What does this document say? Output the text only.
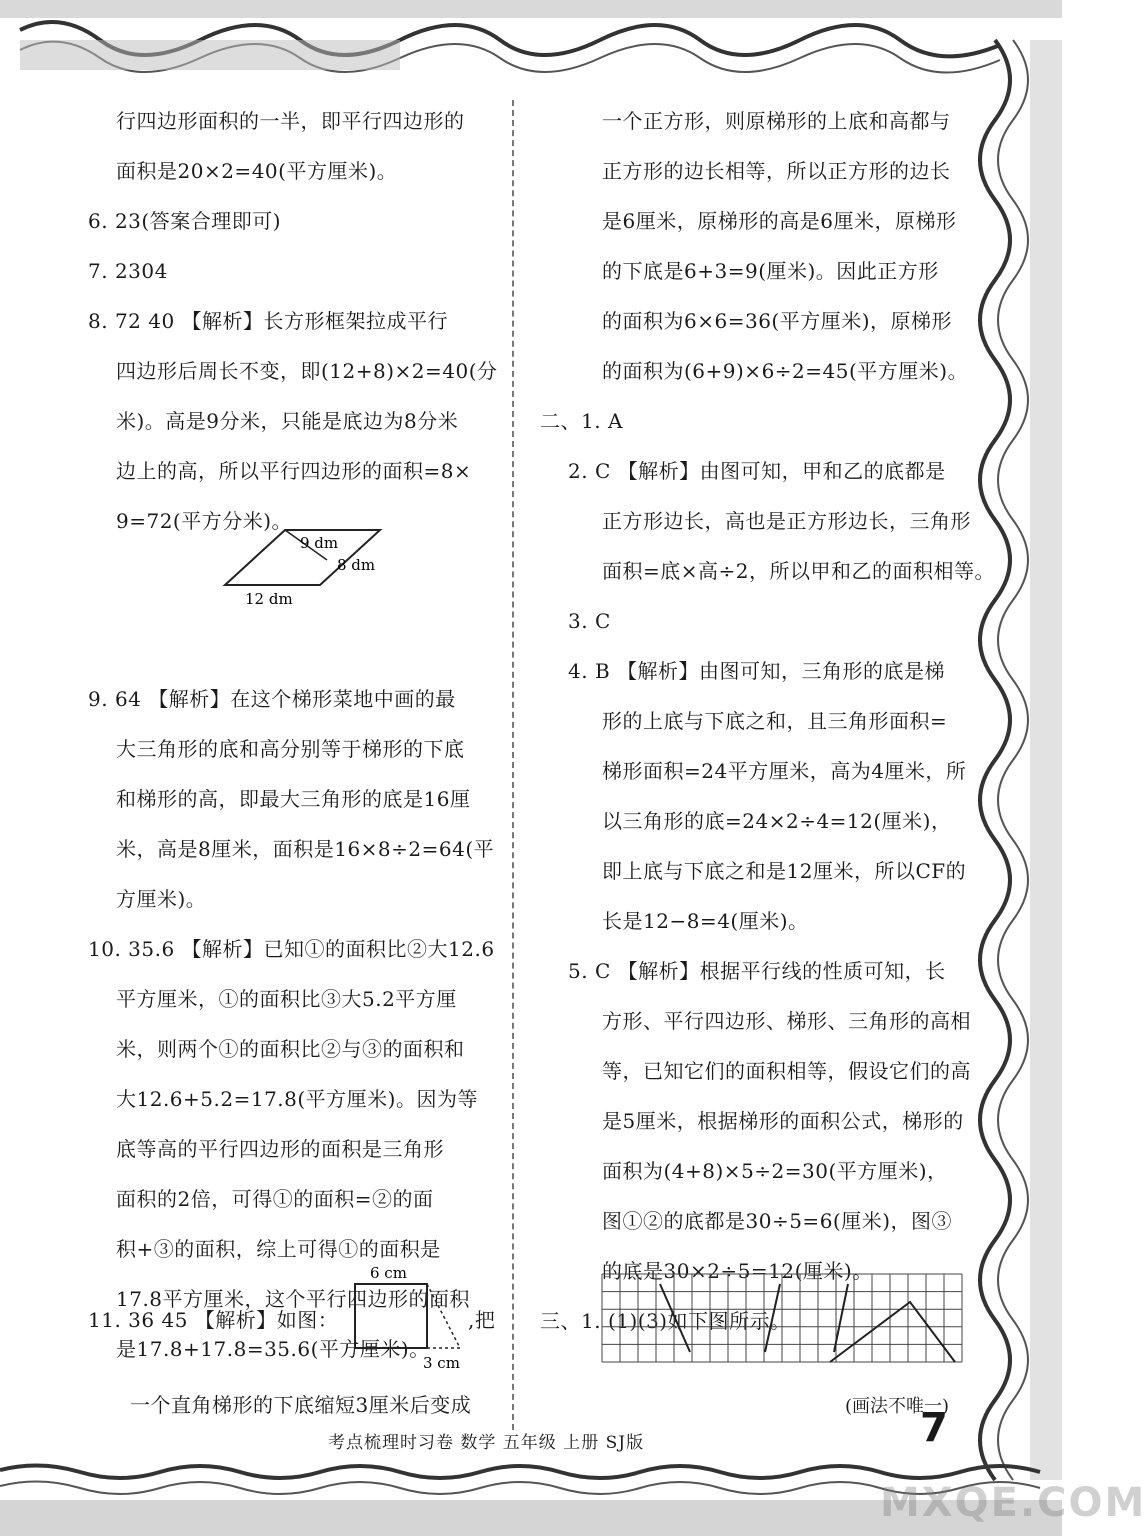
行四边形面积的一半，即平行四边形的
面积是20×2=40(平方厘米)。
6. 23(答案合理即可)
7. 2304
8. 72 40 【解析】长方形框架拉成平行
四边形后周长不变，即(12+8)×2=40(分
米)。高是9分米，只能是底边为8分米
边上的高，所以平行四边形的面积=8×
9=72(平方分米)。
9. 64 【解析】在这个梯形菜地中画的最
大三角形的底和高分别等于梯形的下底
和梯形的高，即最大三角形的底是16厘
米，高是8厘米，面积是16×8÷2=64(平
方厘米)。
10. 35.6 【解析】已知①的面积比②大12.6
平方厘米，①的面积比③大5.2平方厘
米，则两个①的面积比②与③的面积和
大12.6+5.2=17.8(平方厘米)。因为等
底等高的平行四边形的面积是三角形
面积的2倍，可得①的面积=②的面
积+③的面积，综上可得①的面积是
17.8平方厘米，这个平行四边形的面积
是17.8+17.8=35.6(平方厘米)。
11. 36 45 【解析】如图：	,把
一个直角梯形的下底缩短3厘米后变成
9 dm
8 dm
12 dm
6 cm
3 cm
一个正方形，则原梯形的上底和高都与
正方形的边长相等，所以正方形的边长
是6厘米，原梯形的高是6厘米，原梯形
的下底是6+3=9(厘米)。因此正方形
的面积为6×6=36(平方厘米)，原梯形
的面积为(6+9)×6÷2=45(平方厘米)。
二、1. A
2. C 【解析】由图可知，甲和乙的底都是
正方形边长，高也是正方形边长，三角形
面积=底×高÷2，所以甲和乙的面积相等。
3. C
4. B 【解析】由图可知，三角形的底是梯
形的上底与下底之和，且三角形面积=
梯形面积=24平方厘米，高为4厘米，所
以三角形的底=24×2÷4=12(厘米)，
即上底与下底之和是12厘米，所以CF的
长是12−8=4(厘米)。
5. C 【解析】根据平行线的性质可知，长
方形、平行四边形、梯形、三角形的高相
等，已知它们的面积相等，假设它们的高
是5厘米，根据梯形的面积公式，梯形的
面积为(4+8)×5÷2=30(平方厘米)，
图①②的底都是30÷5=6(厘米)，图③
的底是30×2÷5=12(厘米)。
三、1. (1)(3)如下图所示。
(画法不唯一)
考点梳理时习卷 数学 五年级 上册 SJ版	7
MXQE.COM
